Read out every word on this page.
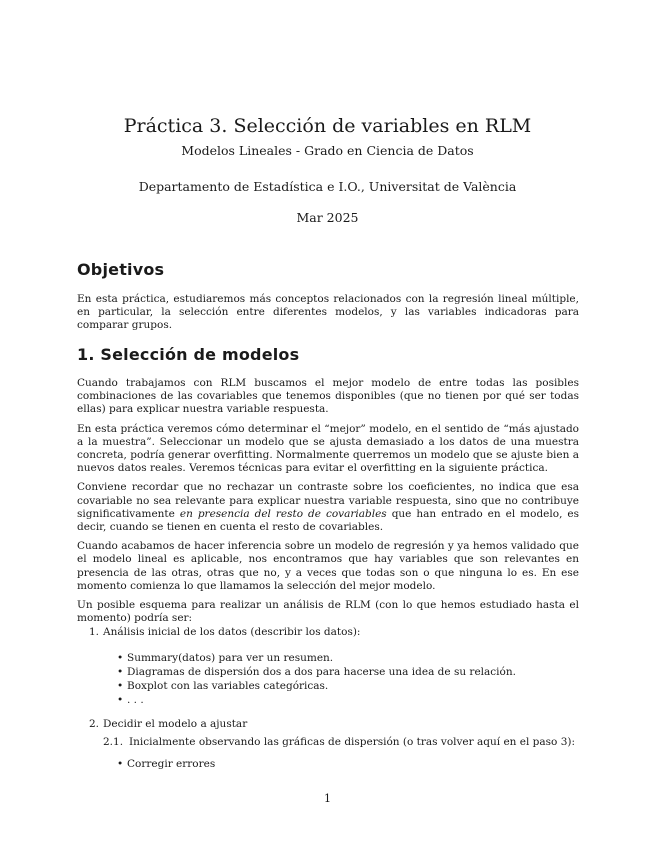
Práctica 3. Selección de variables en RLM
Modelos Lineales - Grado en Ciencia de Datos
Departamento de Estadística e I.O., Universitat de València
Mar 2025
Objetivos
En esta práctica, estudiaremos más conceptos relacionados con la regresión lineal múltiple, en particular, la selección entre diferentes modelos, y las variables indicadoras para comparar grupos.
1. Selección de modelos

Cuando trabajamos con RLM buscamos el mejor modelo de entre todas las posibles combinaciones de las covariables que tenemos disponibles (que no tienen por qué ser todas ellas) para explicar nuestra variable respuesta.

En esta práctica veremos cómo determinar el “mejor” modelo, en el sentido de “más ajustado a la muestra”. Seleccionar un modelo que se ajusta demasiado a los datos de una muestra concreta, podría generar overfitting. Normalmente querremos un modelo que se ajuste bien a nuevos datos reales. Veremos técnicas para evitar el overfitting en la siguiente práctica.

Conviene recordar que no rechazar un contraste sobre los coeficientes, no indica que esa covariable no sea relevante para explicar nuestra variable respuesta, sino que no contribuye significativamente en presencia del resto de covariables que han entrado en el modelo, es decir, cuando se tienen en cuenta el resto de covariables.

Cuando acabamos de hacer inferencia sobre un modelo de regresión y ya hemos validado que el modelo lineal es aplicable, nos encontramos que hay variables que son relevantes en presencia de las otras, otras que no, y a veces que todas son o que ninguna lo es. En ese momento comienza lo que llamamos la selección del mejor modelo.

Un posible esquema para realizar un análisis de RLM (con lo que hemos estudiado hasta el momento) podría ser:

1. Análisis inicial de los datos (describir los datos):
• Summary(datos) para ver un resumen.
• Diagramas de dispersión dos a dos para hacerse una idea de su relación.
• Boxplot con las variables categóricas.
• . . .
2. Decidir el modelo a ajustar
2.1. Inicialmente observando las gráficas de dispersión (o tras volver aquí en el paso 3):
• Corregir errores
1
